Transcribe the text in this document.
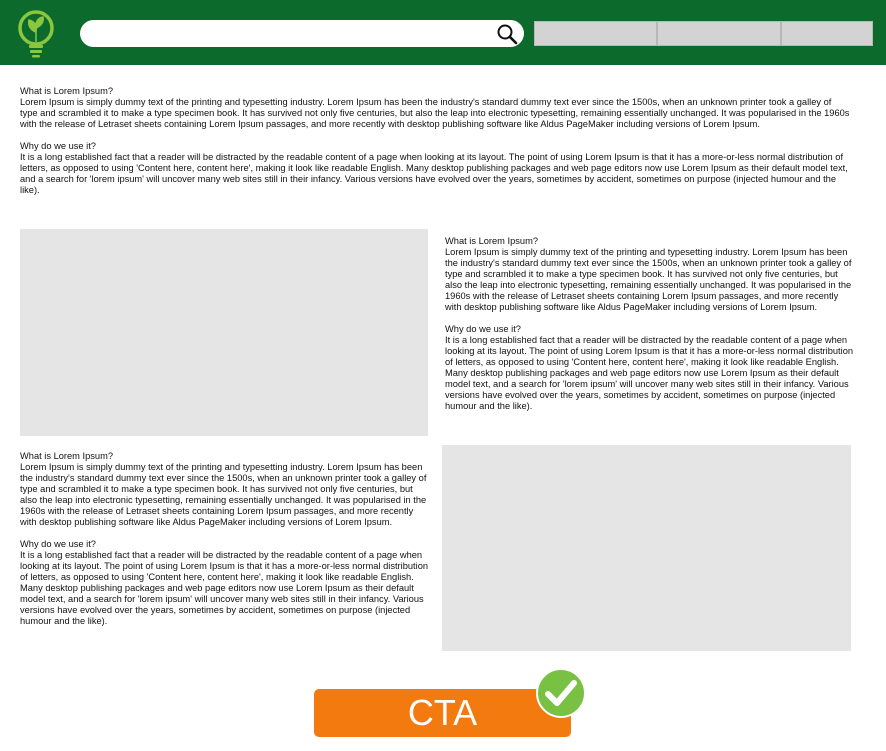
What is Lorem Ipsum?

Lorem Ipsum is simply dummy text of the printing and typesetting industry. Lorem Ipsum has been the industry's standard dummy text ever since the 1500s, when an unknown printer took a galley of type and scrambled it to make a type specimen book. It has survived not only five centuries, but also the leap into electronic typesetting, remaining essentially unchanged. It was popularised in the 1960s with the release of Letraset sheets containing Lorem Ipsum passages, and more recently with desktop publishing software like Aldus PageMaker including versions of Lorem Ipsum.

Why do we use it?

It is a long established fact that a reader will be distracted by the readable content of a page when looking at its layout. The point of using Lorem Ipsum is that it has a more-or-less normal distribution of letters, as opposed to using 'Content here, content here', making it look like readable English. Many desktop publishing packages and web page editors now use Lorem Ipsum as their default model text, and a search for 'lorem ipsum' will uncover many web sites still in their infancy. Various versions have evolved over the years, sometimes by accident, sometimes on purpose (injected humour and the like).

What is Lorem Ipsum?

Lorem Ipsum is simply dummy text of the printing and typesetting industry. Lorem Ipsum has been the industry's standard dummy text ever since the 1500s, when an unknown printer took a galley of type and scrambled it to make a type specimen book. It has survived not only five centuries, but also the leap into electronic typesetting, remaining essentially unchanged. It was popularised in the 1960s with the release of Letraset sheets containing Lorem Ipsum passages, and more recently with desktop publishing software like Aldus PageMaker including versions of Lorem Ipsum.

Why do we use it?

It is a long established fact that a reader will be distracted by the readable content of a page when looking at its layout. The point of using Lorem Ipsum is that it has a more-or-less normal distribution of letters, as opposed to using 'Content here, content here', making it look like readable English. Many desktop publishing packages and web page editors now use Lorem Ipsum as their default model text, and a search for 'lorem ipsum' will uncover many web sites still in their infancy. Various versions have evolved over the years, sometimes by accident, sometimes on purpose (injected humour and the like).

What is Lorem Ipsum?

Lorem Ipsum is simply dummy text of the printing and typesetting industry. Lorem Ipsum has been the industry's standard dummy text ever since the 1500s, when an unknown printer took a galley of type and scrambled it to make a type specimen book. It has survived not only five centuries, but also the leap into electronic typesetting, remaining essentially unchanged. It was popularised in the 1960s with the release of Letraset sheets containing Lorem Ipsum passages, and more recently with desktop publishing software like Aldus PageMaker including versions of Lorem Ipsum.

Why do we use it?

It is a long established fact that a reader will be distracted by the readable content of a page when looking at its layout. The point of using Lorem Ipsum is that it has a more-or-less normal distribution of letters, as opposed to using 'Content here, content here', making it look like readable English. Many desktop publishing packages and web page editors now use Lorem Ipsum as their default model text, and a search for 'lorem ipsum' will uncover many web sites still in their infancy. Various versions have evolved over the years, sometimes by accident, sometimes on purpose (injected humour and the like).

CTA
